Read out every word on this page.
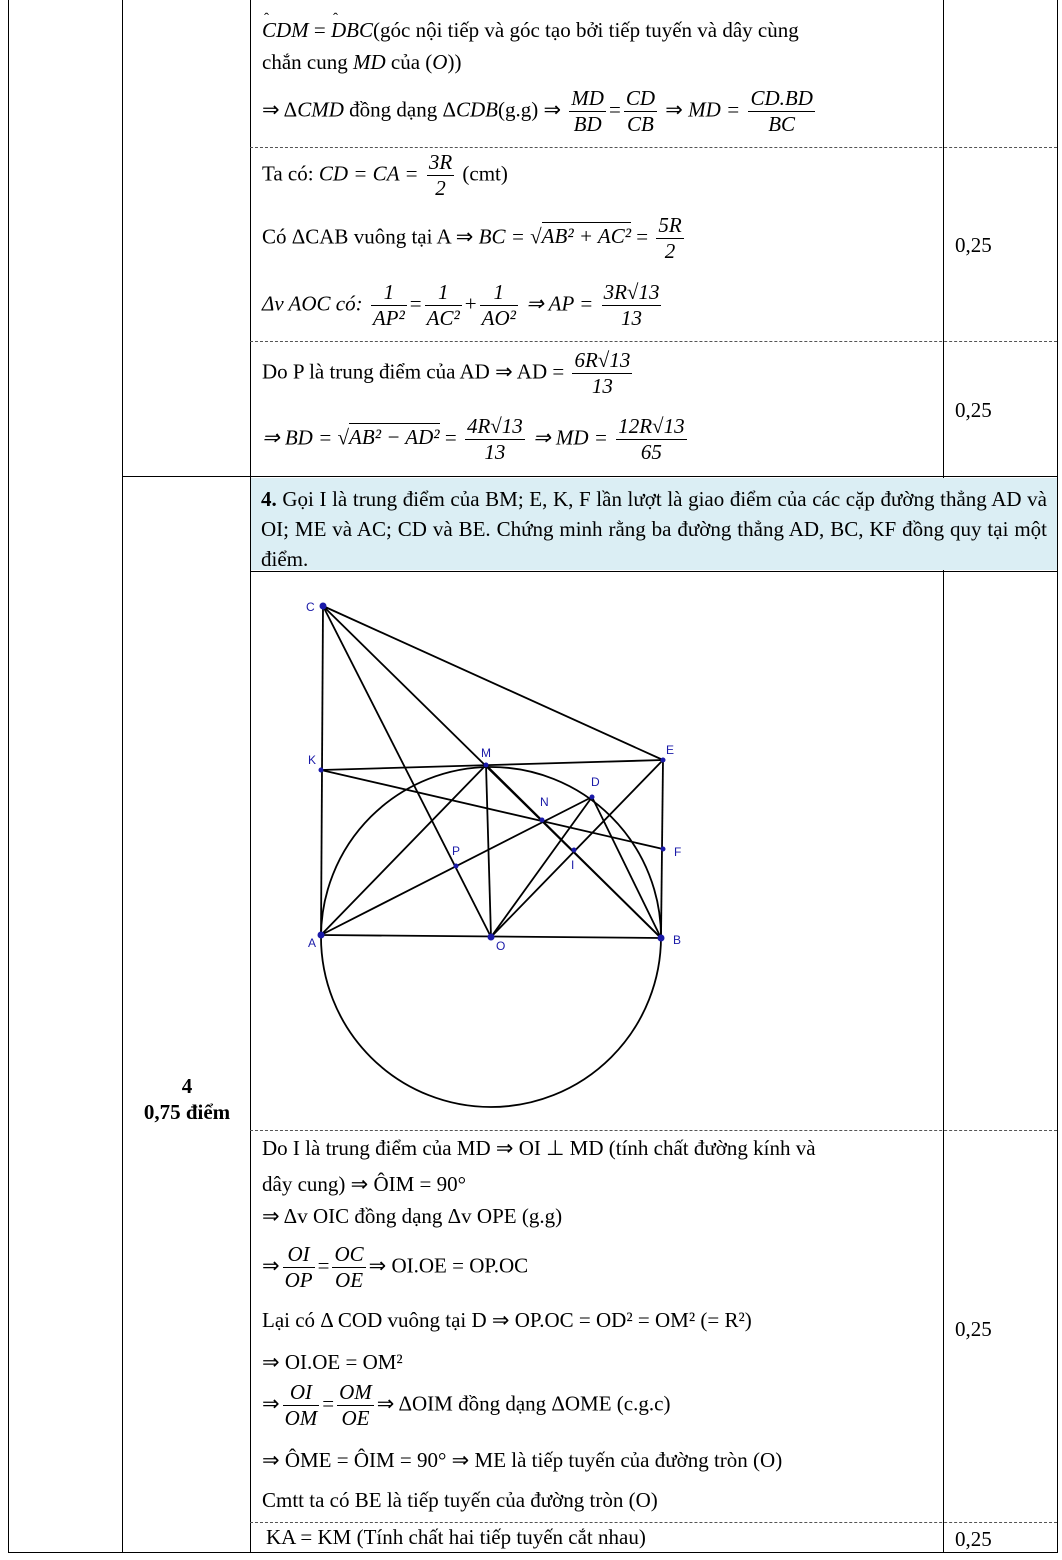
ˆ CDM = ˆ DBC(góc nội tiếp và góc tạo bởi tiếp tuyến và dây cùng
chắn cung MD của (O))
⇒ ΔCMD đồng dạng ΔCDB(g.g) ⇒ $\frac{MD}{BD} = \frac{CD}{CB}$ ⇒ MD = $\frac{CD.BD}{BC}$
Ta có: CD = CA = $\frac{3R}{2} (cmt)$
Có ΔCAB vuông tại A ⇒ BC = $√AB^2 + AC^2 = \frac{5R}{2}$
Δv AOC có: $\frac{1}{\text{AP²}} = \frac{1}{\text{AC²}} + \frac{1}{\text{AO²}}$ ⇒ AP = $\frac{3R√13}{13}$
0,25
Do P là trung điểm của AD ⇒ AD = $\frac{6R√13}{13}$
⇒ BD = $√AB^2 - AD^2 = \frac{4R√13}{13}$ ⇒ MD = $\frac{12R√13}{65}$
0,25
4
0,75 điểm
4. Gọi I là trung điểm của BM; E, K, F lần lượt là giao điểm của các cặp đường thẳng AD và OI; ME và AC; CD và BE. Chứng minh rằng ba đường thẳng AD, BC, KF đồng quy tại một điểm.
C
K	M	E
D
N
F
P
I
A	O	B
Do I là trung điểm của MD ⇒ OI ⊥ MD (tính chất đường kính và
dây cung) ⇒ ÔIM = 90°
⇒ Δv OIC đồng dạng Δv OPE (g.g)
⇒ $\frac{OI}{OP} = \frac{OC}{OE}$ ⇒ OI.OE = OP.OC
Lại có Δ COD vuông tại D ⇒ OP.OC = OD² = OM² (= R²)
⇒ OI.OE = OM²
⇒ $\frac{OI}{OM} = \frac{OM}{OE}$ ⇒ ΔOIM đồng dạng ΔOME (c.g.c)
⇒ ÔME = ÔIM = 90° ⇒ ME là tiếp tuyến của đường tròn (O)
Cmtt ta có BE là tiếp tuyến của đường tròn (O)
0,25
KA = KM (Tính chất hai tiếp tuyến cắt nhau)	0,25
